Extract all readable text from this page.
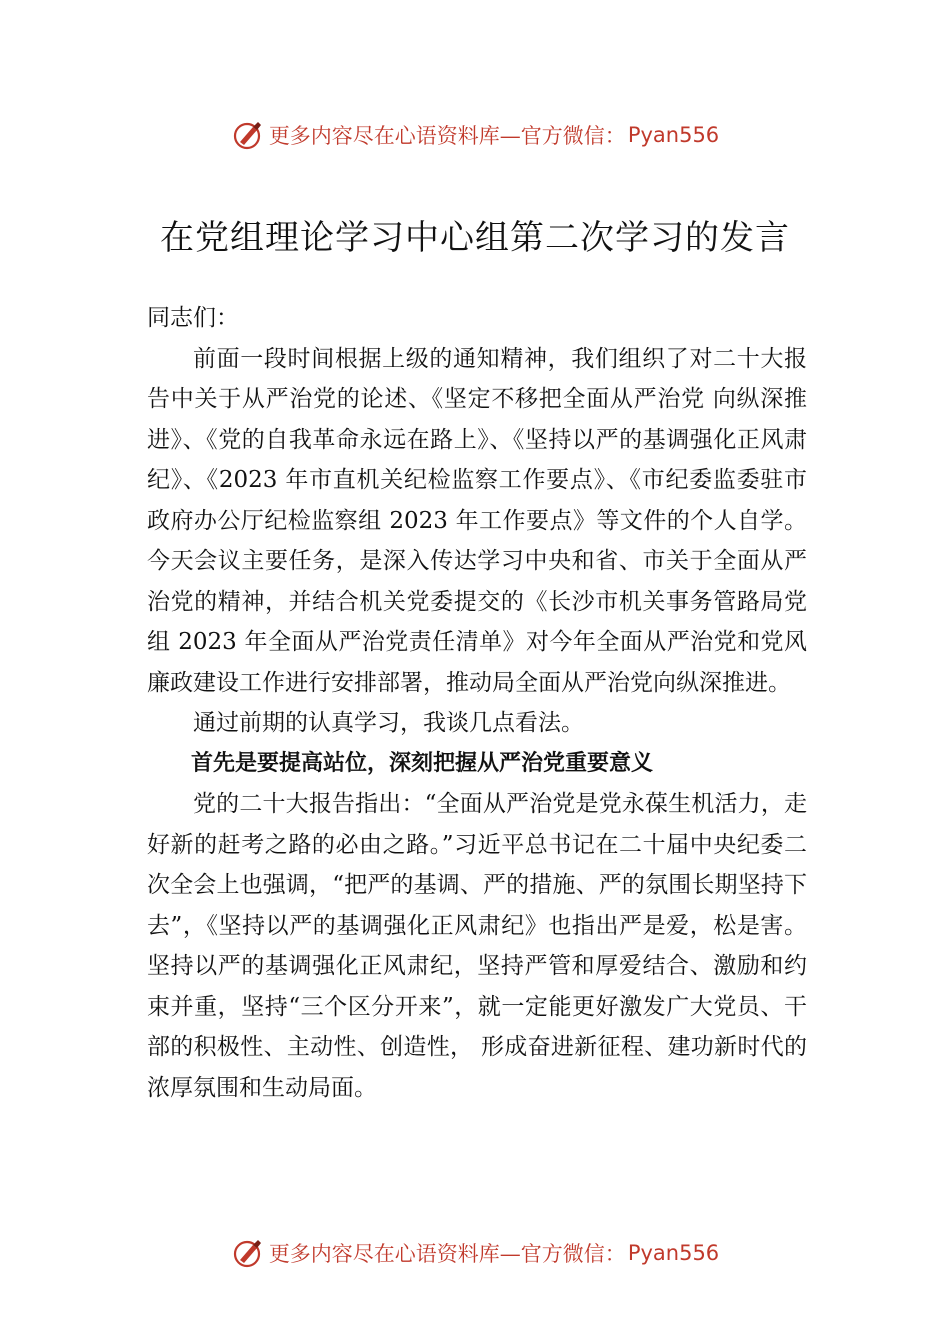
更多内容尽在心语资料库—官方微信： Pyan556
在党组理论学习中心组第二次学习的发言

同志们：

前面一段时间根据上级的通知精神，我们组织了对二十大报告中关于从严治党的论述、《坚定不移把全面从严治党 向纵深推进》、《党的自我革命永远在路上》、《坚持以严的基调强化正风肃纪》、《2023 年市直机关纪检监察工作要点》、《市纪委监委驻市政府办公厅纪检监察组 2023 年工作要点》等文件的个人自学。今天会议主要任务，是深入传达学习中央和省、市关于全面从严治党的精神，并结合机关党委提交的《长沙市机关事务管路局党组 2023 年全面从严治党责任清单》对今年全面从严治党和党风廉政建设工作进行安排部署，推动局全面从严治党向纵深推进。

通过前期的认真学习，我谈几点看法。

首先是要提高站位，深刻把握从严治党重要意义

党的二十大报告指出：“全面从严治党是党永葆生机活力，走好新的赶考之路的必由之路。”习近平总书记在二十届中央纪委二次全会上也强调，“把严的基调、严的措施、严的氛围长期坚持下去”，《坚持以严的基调强化正风肃纪》也指出严是爱，松是害。坚持以严的基调强化正风肃纪，坚持严管和厚爱结合、激励和约束并重，坚持“三个区分开来”，就一定能更好激发广大党员、干部的积极性、主动性、创造性， 形成奋进新征程、建功新时代的浓厚氛围和生动局面。

更多内容尽在心语资料库—官方微信： Pyan556
